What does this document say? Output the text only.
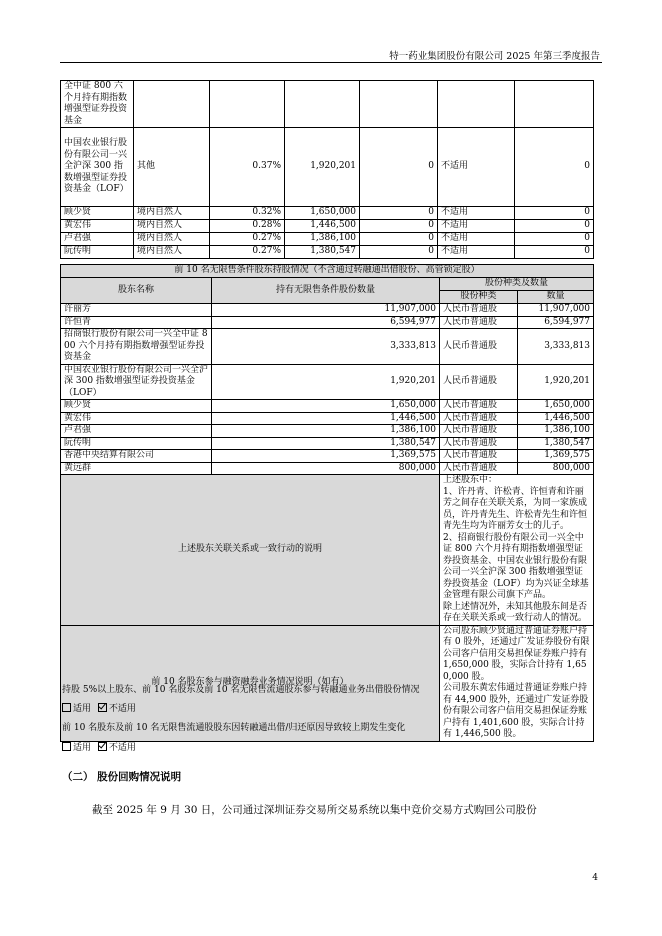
特一药业集团股份有限公司 2025 年第三季度报告
全中证 800 六个月持有期指数增强型证券投资基金						
中国农业银行股份有限公司一兴全沪深 300 指数增强型证券投资基金（LOF）	其他	0.37%	1,920,201	0	不适用	0
顾少贤	境内自然人	0.32%	1,650,000	0	不适用	0
黄宏伟	境内自然人	0.28%	1,446,500	0	不适用	0
卢君强	境内自然人	0.27%	1,386,100	0	不适用	0
阮传明	境内自然人	0.27%	1,380,547	0	不适用	0
前 10 名无限售条件股东持股情况（不含通过转融通出借股份、高管锁定股）			
股东名称	持有无限售条件股份数量	股份种类及数量	
		股份种类	数量
许丽芳	11,907,000	人民币普通股	11,907,000
许恒青	6,594,977	人民币普通股	6,594,977
招商银行股份有限公司一兴全中证 800 六个月持有期指数增强型证券投资基金	3,333,813	人民币普通股	3,333,813
中国农业银行股份有限公司一兴全沪深 300 指数增强型证券投资基金（LOF）	1,920,201	人民币普通股	1,920,201
顾少贤	1,650,000	人民币普通股	1,650,000
黄宏伟	1,446,500	人民币普通股	1,446,500
卢君强	1,386,100	人民币普通股	1,386,100
阮传明	1,380,547	人民币普通股	1,380,547
香港中央结算有限公司	1,369,575	人民币普通股	1,369,575
黄远群	800,000	人民币普通股	800,000
上述股东关联关系或一致行动的说明		上述股东中：
1、许丹青、许松青、许恒青和许丽芳之间存在关联关系，为同一家族成员，许丹青先生、许松青先生和许恒青先生均为许丽芳女士的儿子。
2、招商银行股份有限公司一兴全中证 800 六个月持有期指数增强型证券投资基金、中国农业银行股份有限公司一兴全沪深 300 指数增强型证券投资基金（LOF）均为兴证全球基金管理有限公司旗下产品。
除上述情况外，未知其他股东间是否存在关联关系或一致行动人的情况。	
前 10 名股东参与融资融券业务情况说明（如有）		公司股东顾少贤通过普通证券账户持有 0 股外，还通过广发证券股份有限公司客户信用交易担保证券账户持有 1,650,000 股，实际合计持有 1,650,000 股。
公司股东黄宏伟通过普通证券账户持有 44,900 股外，还通过广发证券股份有限公司客户信用交易担保证券账户持有 1,401,600 股，实际合计持有 1,446,500 股。	
持股 5%以上股东、前 10 名股东及前 10 名无限售流通股东参与转融通业务出借股份情况
适用 不适用
前 10 名股东及前 10 名无限售流通股股东因转融通出借/归还原因导致较上期发生变化
适用 不适用
（二） 股份回购情况说明
截至 2025 年 9 月 30 日，公司通过深圳证券交易所交易系统以集中竞价交易方式购回公司股份
4
